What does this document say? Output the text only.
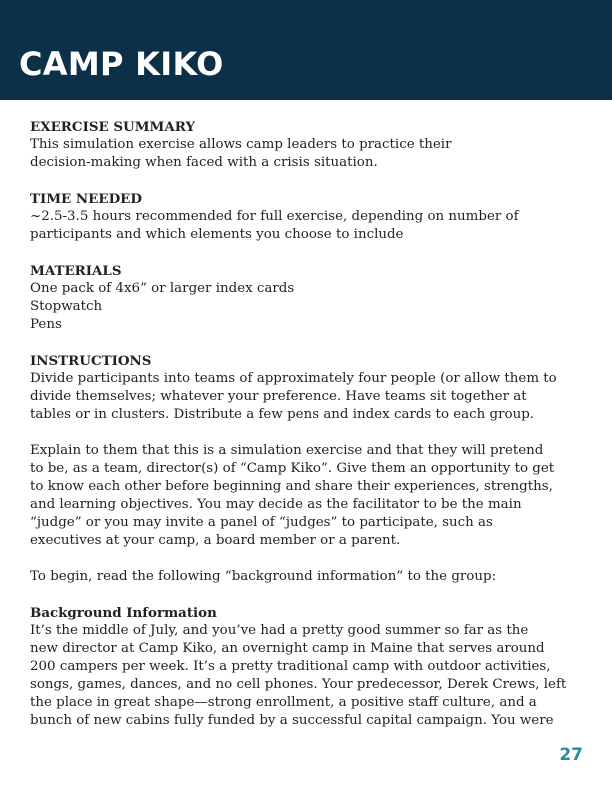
CAMP KIKO
EXERCISE SUMMARY
This simulation exercise allows camp leaders to practice their
decision-making when faced with a crisis situation.
TIME NEEDED
~2.5-3.5 hours recommended for full exercise, depending on number of
participants and which elements you choose to include
MATERIALS
One pack of 4x6” or larger index cards
Stopwatch
Pens
INSTRUCTIONS
Divide participants into teams of approximately four people (or allow them to
divide themselves; whatever your preference. Have teams sit together at
tables or in clusters. Distribute a few pens and index cards to each group.
Explain to them that this is a simulation exercise and that they will pretend
to be, as a team, director(s) of “Camp Kiko”. Give them an opportunity to get
to know each other before beginning and share their experiences, strengths,
and learning objectives. You may decide as the facilitator to be the main
“judge” or you may invite a panel of “judges” to participate, such as
executives at your camp, a board member or a parent.
To begin, read the following “background information” to the group:
Background Information
It’s the middle of July, and you’ve had a pretty good summer so far as the
new director at Camp Kiko, an overnight camp in Maine that serves around
200 campers per week. It’s a pretty traditional camp with outdoor activities,
songs, games, dances, and no cell phones. Your predecessor, Derek Crews, left
the place in great shape—strong enrollment, a positive staff culture, and a
bunch of new cabins fully funded by a successful capital campaign. You were
27
